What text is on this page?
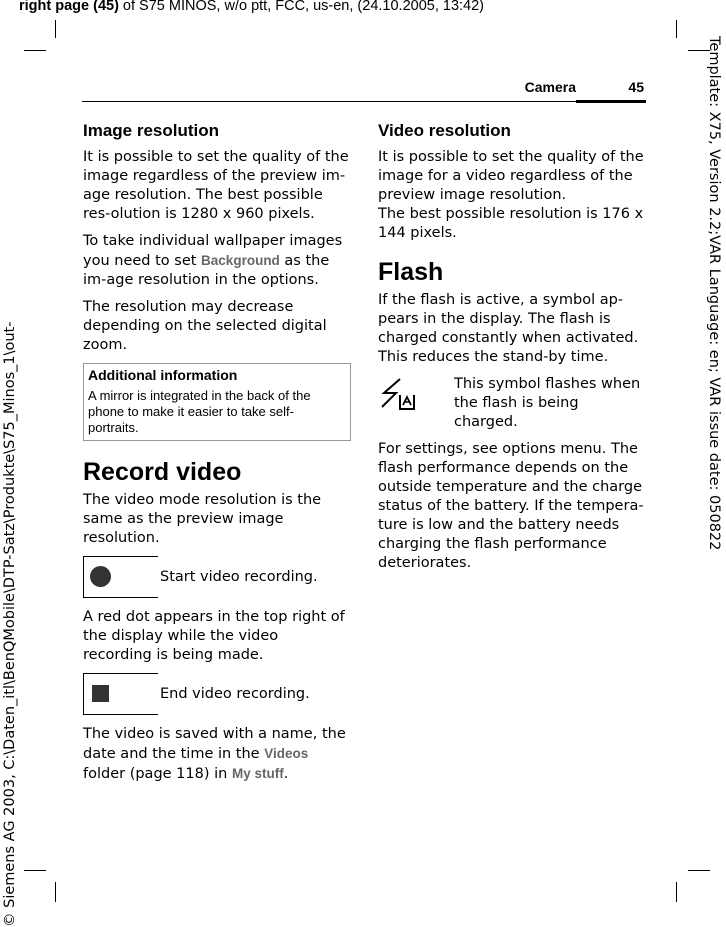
right page (45) of S75 MINOS, w/o ptt, FCC, us-en, (24.10.2005, 13:42)
Template: X75, Version 2.2;VAR Language: en; VAR issue date: 050822
© Siemens AG 2003, C:\Daten_itl\BenQMobile\DTP-Satz\Produkte\S75_Minos_1\out-
Camera	45
Image resolution

It is possible to set the quality of the image regardless of the preview im-age resolution. The best possible res-olution is 1280 x 960 pixels.

To take individual wallpaper images you need to set Background as the im-age resolution in the options.

The resolution may decrease depending on the selected digital zoom.

Additional information
A mirror is integrated in the back of the phone to make it easier to take self-portraits.
Record video

The video mode resolution is the same as the preview image resolution.

Start video recording.

A red dot appears in the top right of the display while the video recording is being made.

End video recording.

The video is saved with a name, the date and the time in the Videos folder (page 118) in My stuff.

Video resolution

It is possible to set the quality of the image for a video regardless of the preview image resolution.

The best possible resolution is 176 x 144 pixels.

Flash

If the flash is active, a symbol ap-pears in the display. The flash is charged constantly when activated. This reduces the stand-by time.

This symbol flashes when the flash is being charged.

For settings, see options menu. The flash performance depends on the outside temperature and the charge status of the battery. If the tempera-ture is low and the battery needs charging the flash performance deteriorates.
